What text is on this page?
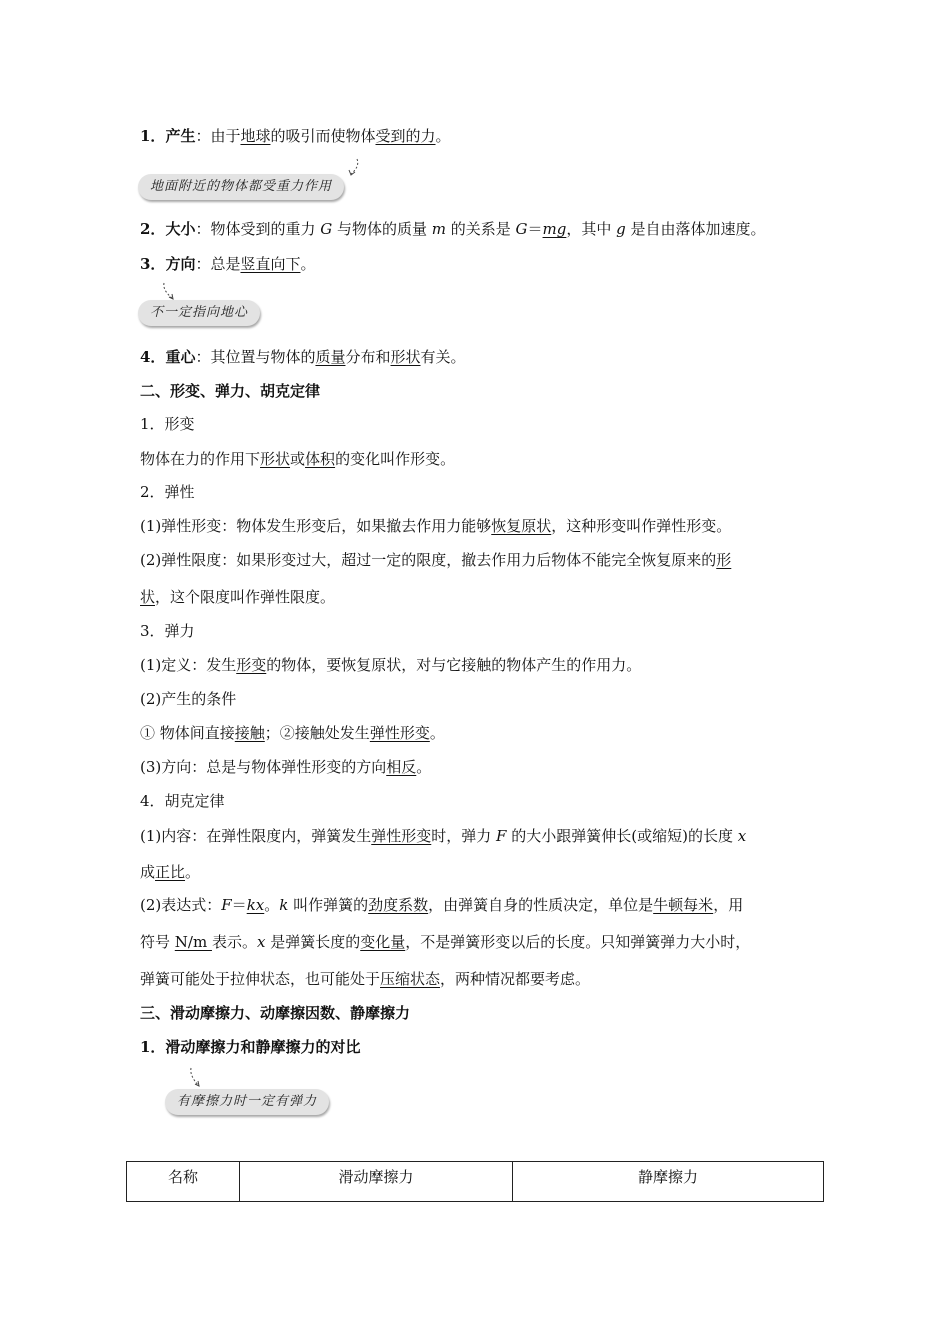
1．产生：由于地球的吸引而使物体受到的力。
地面附近的物体都受重力作用
2．大小：物体受到的重力 G 与物体的质量 m 的关系是 G＝mg，其中 g 是自由落体加速度。
3．方向：总是竖直向下。
不一定指向地心
4．重心：其位置与物体的质量分布和形状有关。
二、形变、弹力、胡克定律
1．形变
物体在力的作用下形状或体积的变化叫作形变。
2．弹性
(1)弹性形变：物体发生形变后，如果撤去作用力能够恢复原状，这种形变叫作弹性形变。
(2)弹性限度：如果形变过大，超过一定的限度，撤去作用力后物体不能完全恢复原来的形
状，这个限度叫作弹性限度。
3．弹力
(1)定义：发生形变的物体，要恢复原状，对与它接触的物体产生的作用力。
(2)产生的条件
① 物体间直接接触；②接触处发生弹性形变。
(3)方向：总是与物体弹性形变的方向相反。
4．胡克定律
(1)内容：在弹性限度内，弹簧发生弹性形变时，弹力 F 的大小跟弹簧伸长(或缩短)的长度 x
成正比。
(2)表达式：F＝kx。k 叫作弹簧的劲度系数，由弹簧自身的性质决定，单位是牛顿每米，用
符号 N/m 表示。x 是弹簧长度的变化量，不是弹簧形变以后的长度。只知弹簧弹力大小时，
弹簧可能处于拉伸状态，也可能处于压缩状态，两种情况都要考虑。
三、滑动摩擦力、动摩擦因数、静摩擦力
1．滑动摩擦力和静摩擦力的对比
有摩擦力时一定有弹力
名称	滑动摩擦力	静摩擦力
